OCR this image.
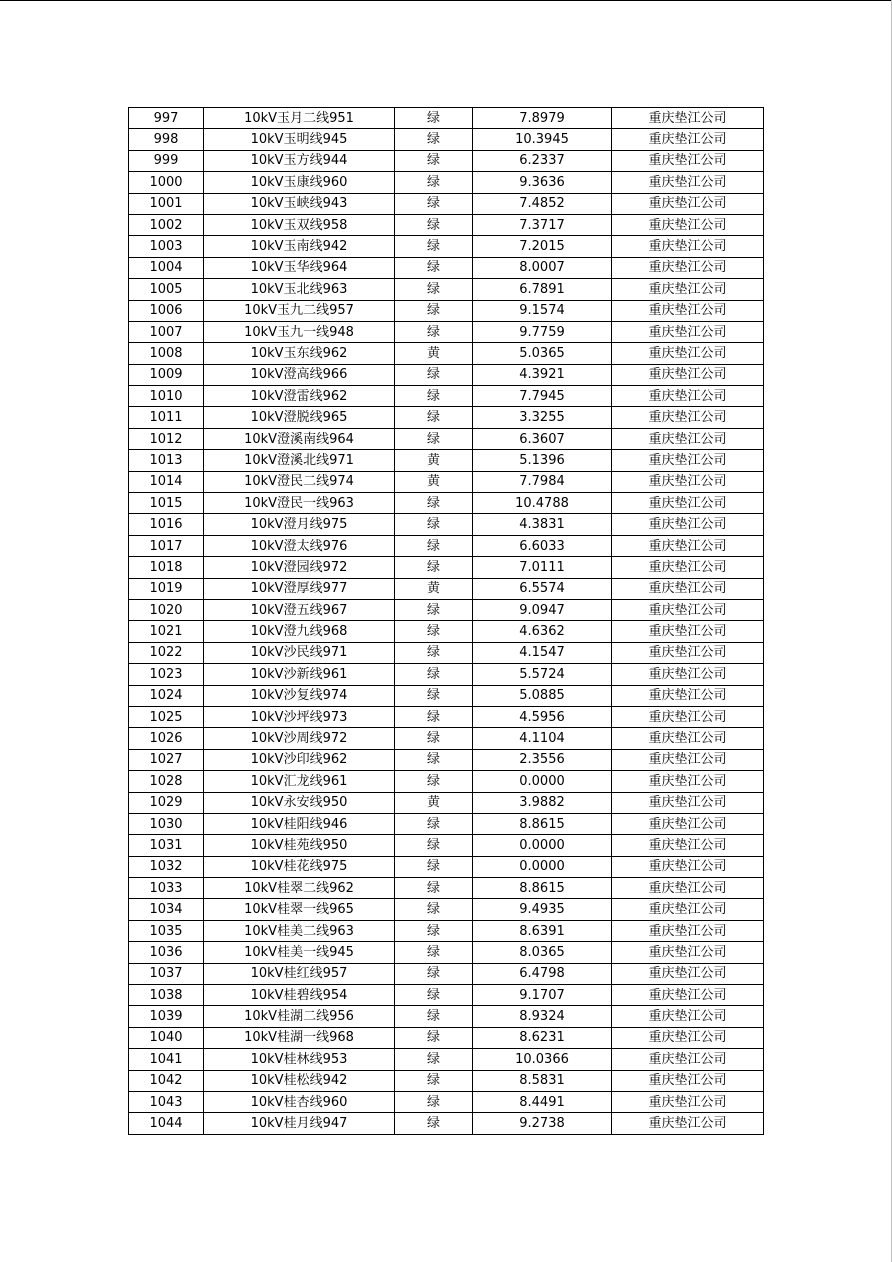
997	10kV玉月二线951	绿	7.8979	重庆垫江公司
998	10kV玉明线945	绿	10.3945	重庆垫江公司
999	10kV玉方线944	绿	6.2337	重庆垫江公司
1000	10kV玉康线960	绿	9.3636	重庆垫江公司
1001	10kV玉峡线943	绿	7.4852	重庆垫江公司
1002	10kV玉双线958	绿	7.3717	重庆垫江公司
1003	10kV玉南线942	绿	7.2015	重庆垫江公司
1004	10kV玉华线964	绿	8.0007	重庆垫江公司
1005	10kV玉北线963	绿	6.7891	重庆垫江公司
1006	10kV玉九二线957	绿	9.1574	重庆垫江公司
1007	10kV玉九一线948	绿	9.7759	重庆垫江公司
1008	10kV玉东线962	黄	5.0365	重庆垫江公司
1009	10kV澄高线966	绿	4.3921	重庆垫江公司
1010	10kV澄雷线962	绿	7.7945	重庆垫江公司
1011	10kV澄脱线965	绿	3.3255	重庆垫江公司
1012	10kV澄溪南线964	绿	6.3607	重庆垫江公司
1013	10kV澄溪北线971	黄	5.1396	重庆垫江公司
1014	10kV澄民二线974	黄	7.7984	重庆垫江公司
1015	10kV澄民一线963	绿	10.4788	重庆垫江公司
1016	10kV澄月线975	绿	4.3831	重庆垫江公司
1017	10kV澄太线976	绿	6.6033	重庆垫江公司
1018	10kV澄园线972	绿	7.0111	重庆垫江公司
1019	10kV澄厚线977	黄	6.5574	重庆垫江公司
1020	10kV澄五线967	绿	9.0947	重庆垫江公司
1021	10kV澄九线968	绿	4.6362	重庆垫江公司
1022	10kV沙民线971	绿	4.1547	重庆垫江公司
1023	10kV沙新线961	绿	5.5724	重庆垫江公司
1024	10kV沙复线974	绿	5.0885	重庆垫江公司
1025	10kV沙坪线973	绿	4.5956	重庆垫江公司
1026	10kV沙周线972	绿	4.1104	重庆垫江公司
1027	10kV沙印线962	绿	2.3556	重庆垫江公司
1028	10kV汇龙线961	绿	0.0000	重庆垫江公司
1029	10kV永安线950	黄	3.9882	重庆垫江公司
1030	10kV桂阳线946	绿	8.8615	重庆垫江公司
1031	10kV桂苑线950	绿	0.0000	重庆垫江公司
1032	10kV桂花线975	绿	0.0000	重庆垫江公司
1033	10kV桂翠二线962	绿	8.8615	重庆垫江公司
1034	10kV桂翠一线965	绿	9.4935	重庆垫江公司
1035	10kV桂美二线963	绿	8.6391	重庆垫江公司
1036	10kV桂美一线945	绿	8.0365	重庆垫江公司
1037	10kV桂红线957	绿	6.4798	重庆垫江公司
1038	10kV桂碧线954	绿	9.1707	重庆垫江公司
1039	10kV桂湖二线956	绿	8.9324	重庆垫江公司
1040	10kV桂湖一线968	绿	8.6231	重庆垫江公司
1041	10kV桂林线953	绿	10.0366	重庆垫江公司
1042	10kV桂松线942	绿	8.5831	重庆垫江公司
1043	10kV桂杏线960	绿	8.4491	重庆垫江公司
1044	10kV桂月线947	绿	9.2738	重庆垫江公司
